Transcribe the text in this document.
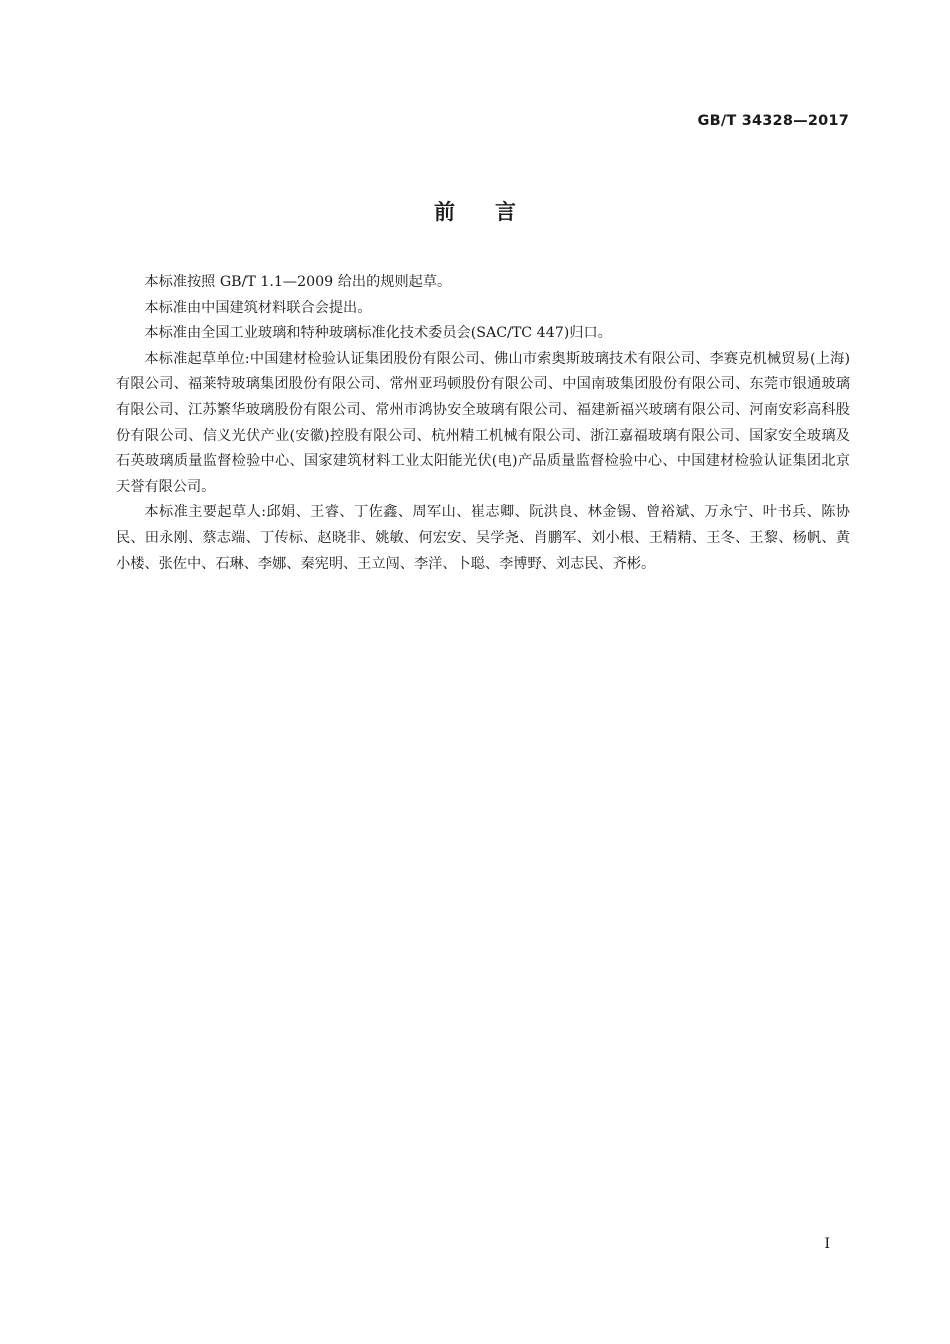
GB/T 34328—2017
前言

本标准按照 GB/T 1.1—2009 给出的规则起草。

本标准由中国建筑材料联合会提出。

本标准由全国工业玻璃和特种玻璃标准化技术委员会(SAC/TC 447)归口。

本标准起草单位:中国建材检验认证集团股份有限公司、佛山市索奥斯玻璃技术有限公司、李赛克机械贸易(上海)有限公司、福莱特玻璃集团股份有限公司、常州亚玛顿股份有限公司、中国南玻集团股份有限公司、东莞市银通玻璃有限公司、江苏繁华玻璃股份有限公司、常州市鸿协安全玻璃有限公司、福建新福兴玻璃有限公司、河南安彩高科股份有限公司、信义光伏产业(安徽)控股有限公司、杭州精工机械有限公司、浙江嘉福玻璃有限公司、国家安全玻璃及石英玻璃质量监督检验中心、国家建筑材料工业太阳能光伏(电)产品质量监督检验中心、中国建材检验认证集团北京天誉有限公司。

本标准主要起草人:邱娟、王睿、丁佐鑫、周军山、崔志卿、阮洪良、林金锡、曾裕斌、万永宁、叶书兵、陈协民、田永刚、蔡志端、丁传标、赵晓非、姚敏、何宏安、吴学尧、肖鹏军、刘小根、王精精、王冬、王黎、杨帆、黄小楼、张佐中、石琳、李娜、秦宪明、王立闯、李洋、卜聪、李博野、刘志民、齐彬。

I
